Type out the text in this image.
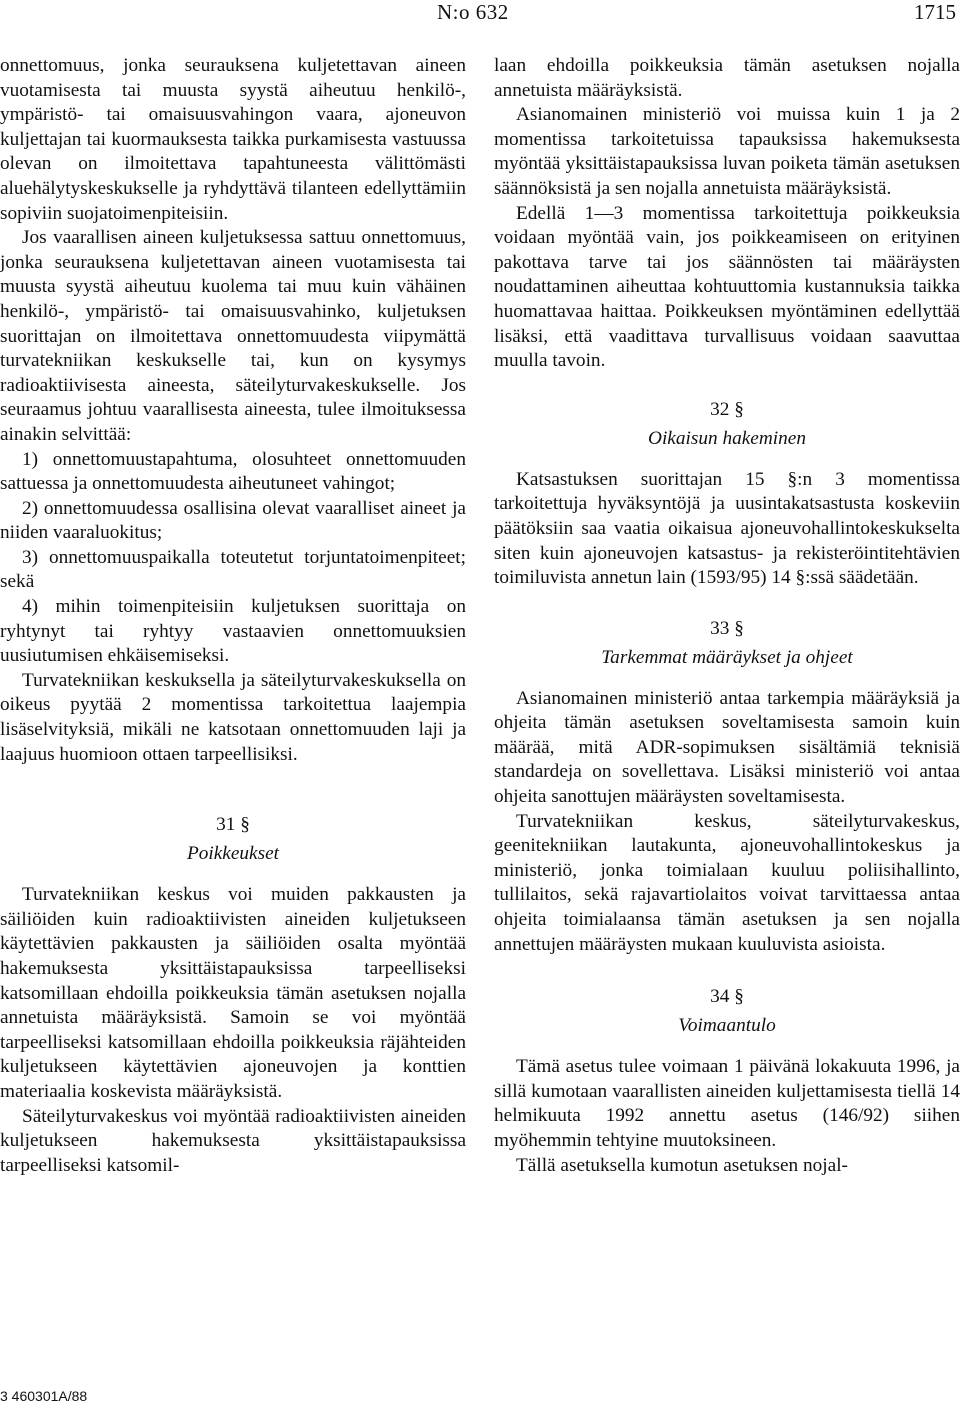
N:o 632	1715

onnettomuus, jonka seurauksena kuljetettavan aineen vuotamisesta tai muusta syystä aiheutuu henkilö-, ympäristö- tai omaisuusvahingon vaara, ajoneuvon kuljettajan tai kuormauksesta taikka purkamisesta vastuussa olevan on ilmoitettava tapahtuneesta välittömästi aluehälytyskeskukselle ja ryhdyttävä tilanteen edellyttämiin sopiviin suojatoimenpiteisiin.

Jos vaarallisen aineen kuljetuksessa sattuu onnettomuus, jonka seurauksena kuljetettavan aineen vuotamisesta tai muusta syystä aiheutuu kuolema tai muu kuin vähäinen henkilö-, ympäristö- tai omaisuusvahinko, kuljetuksen suorittajan on ilmoitettava onnettomuudesta viipymättä turvatekniikan keskukselle tai, kun on kysymys radioaktiivisesta aineesta, säteilyturvakeskukselle. Jos seuraamus johtuu vaarallisesta aineesta, tulee ilmoituksessa ainakin selvittää:

1) onnettomuustapahtuma, olosuhteet onnettomuuden sattuessa ja onnettomuudesta aiheutuneet vahingot;

2) onnettomuudessa osallisina olevat vaaralliset aineet ja niiden vaaraluokitus;

3) onnettomuuspaikalla toteutetut torjuntatoimenpiteet; sekä

4) mihin toimenpiteisiin kuljetuksen suorittaja on ryhtynyt tai ryhtyy vastaavien onnettomuuksien uusiutumisen ehkäisemiseksi.

Turvatekniikan keskuksella ja säteilyturvakeskuksella on oikeus pyytää 2 momentissa tarkoitettua laajempia lisäselvityksiä, mikäli ne katsotaan onnettomuuden laji ja laajuus huomioon ottaen tarpeellisiksi.

31 §
Poikkeukset

Turvatekniikan keskus voi muiden pakkausten ja säiliöiden kuin radioaktiivisten aineiden kuljetukseen käytettävien pakkausten ja säiliöiden osalta myöntää hakemuksesta yksittäistapauksissa tarpeelliseksi katsomillaan ehdoilla poikkeuksia tämän asetuksen nojalla annetuista määräyksistä. Samoin se voi myöntää tarpeelliseksi katsomillaan ehdoilla poikkeuksia räjähteiden kuljetukseen käytettävien ajoneuvojen ja konttien materiaalia koskevista määräyksistä.

Säteilyturvakeskus voi myöntää radioaktiivisten aineiden kuljetukseen hakemuksesta yksittäistapauksissa tarpeelliseksi katsomil-

laan ehdoilla poikkeuksia tämän asetuksen nojalla annetuista määräyksistä.

Asianomainen ministeriö voi muissa kuin 1 ja 2 momentissa tarkoitetuissa tapauksissa hakemuksesta myöntää yksittäistapauksissa luvan poiketa tämän asetuksen säännöksistä ja sen nojalla annetuista määräyksistä.

Edellä 1—3 momentissa tarkoitettuja poikkeuksia voidaan myöntää vain, jos poikkeamiseen on erityinen pakottava tarve tai jos säännösten tai määräysten noudattaminen aiheuttaa kohtuuttomia kustannuksia taikka huomattavaa haittaa. Poikkeuksen myöntäminen edellyttää lisäksi, että vaadittava turvallisuus voidaan saavuttaa muulla tavoin.

32 §
Oikaisun hakeminen

Katsastuksen suorittajan 15 §:n 3 momentissa tarkoitettuja hyväksyntöjä ja uusintakatsastusta koskeviin päätöksiin saa vaatia oikaisua ajoneuvohallintokeskukselta siten kuin ajoneuvojen katsastus- ja rekisteröintitehtävien toimiluvista annetun lain (1593/95) 14 §:ssä säädetään.

33 §
Tarkemmat määräykset ja ohjeet

Asianomainen ministeriö antaa tarkempia määräyksiä ja ohjeita tämän asetuksen soveltamisesta samoin kuin määrää, mitä ADR-sopimuksen sisältämiä teknisiä standardeja on sovellettava. Lisäksi ministeriö voi antaa ohjeita sanottujen määräysten soveltamisesta.

Turvatekniikan keskus, säteilyturvakeskus, geenitekniikan lautakunta, ajoneuvohallintokeskus ja ministeriö, jonka toimialaan kuuluu poliisihallinto, tullilaitos, sekä rajavartiolaitos voivat tarvittaessa antaa ohjeita toimialaansa tämän asetuksen ja sen nojalla annettujen määräysten mukaan kuuluvista asioista.

34 §
Voimaantulo

Tämä asetus tulee voimaan 1 päivänä lokakuuta 1996, ja sillä kumotaan vaarallisten aineiden kuljettamisesta tiellä 14 helmikuuta 1992 annettu asetus (146/92) siihen myöhemmin tehtyine muutoksineen.

Tällä asetuksella kumotun asetuksen nojal-

3 460301A/88
